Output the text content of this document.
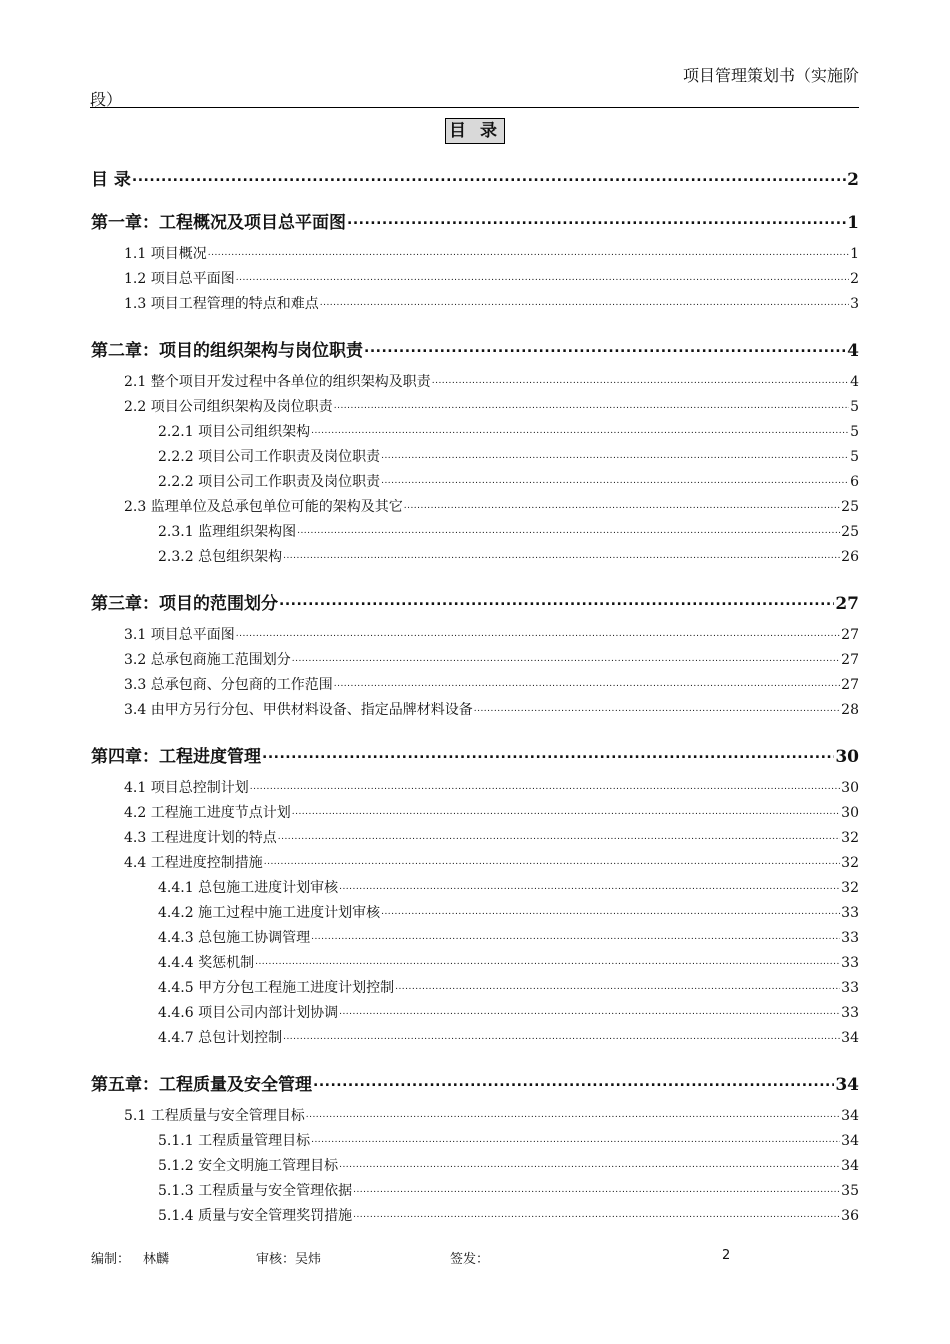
项目管理策划书（实施阶
段）
目 录
目 录 .....	2
第一章：工程概况及项目总平面图 .....	1
1.1 项目概况 .....	1
1.2 项目总平面图 .....	2
1.3 项目工程管理的特点和难点 .....	3
第二章：项目的组织架构与岗位职责 .....	4
2.1 整个项目开发过程中各单位的组织架构及职责 .....	4
2.2 项目公司组织架构及岗位职责 .....	5
2.2.1 项目公司组织架构 .....	5
2.2.2 项目公司工作职责及岗位职责 .....	5
2.2.2 项目公司工作职责及岗位职责 .....	6
2.3 监理单位及总承包单位可能的架构及其它 .....	25
2.3.1 监理组织架构图 .....	25
2.3.2 总包组织架构 .....	26
第三章：项目的范围划分 .....	27
3.1 项目总平面图 .....	27
3.2 总承包商施工范围划分 .....	27
3.3 总承包商、分包商的工作范围 .....	27
3.4 由甲方另行分包、甲供材料设备、指定品牌材料设备 .....	28
第四章：工程进度管理 .....	30
4.1 项目总控制计划 .....	30
4.2 工程施工进度节点计划 .....	30
4.3 工程进度计划的特点 .....	32
4.4 工程进度控制措施 .....	32
4.4.1 总包施工进度计划审核 .....	32
4.4.2 施工过程中施工进度计划审核 .....	33
4.4.3 总包施工协调管理 .....	33
4.4.4 奖惩机制 .....	33
4.4.5 甲方分包工程施工进度计划控制 .....	33
4.4.6 项目公司内部计划协调 .....	33
4.4.7 总包计划控制 .....	34
第五章：工程质量及安全管理 .....	34
5.1 工程质量与安全管理目标 .....	34
5.1.1 工程质量管理目标 .....	34
5.1.2 安全文明施工管理目标 .....	34
5.1.3 工程质量与安全管理依据 .....	35
5.1.4 质量与安全管理奖罚措施 .....	36
编制： 林麟	审核：吴炜	签发：	2
